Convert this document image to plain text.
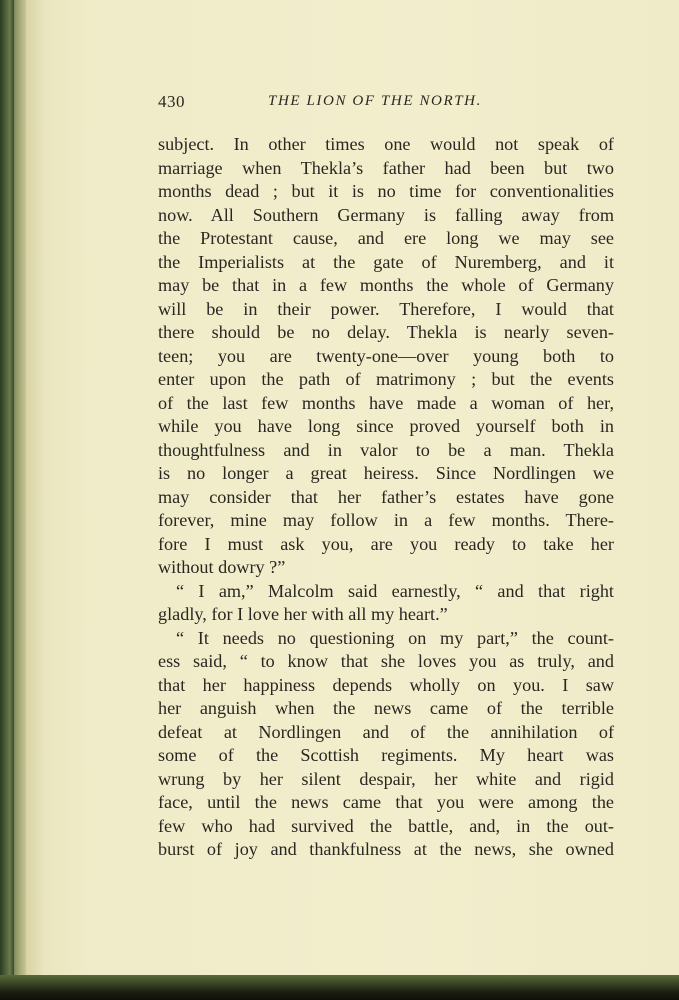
430	THE LION OF THE NORTH.
subject. In other times one would not speak of
marriage when Thekla’s father had been but two
months dead ; but it is no time for conventionalities
now. All Southern Germany is falling away from
the Protestant cause, and ere long we may see
the Imperialists at the gate of Nuremberg, and it
may be that in a few months the whole of Germany
will be in their power. Therefore, I would that
there should be no delay. Thekla is nearly seven-
teen; you are twenty-one—over young both to
enter upon the path of matrimony ; but the events
of the last few months have made a woman of her,
while you have long since proved yourself both in
thoughtfulness and in valor to be a man. Thekla
is no longer a great heiress. Since Nordlingen we
may consider that her father’s estates have gone
forever, mine may follow in a few months. There-
fore I must ask you, are you ready to take her
without dowry ?”
“ I am,” Malcolm said earnestly, “ and that right
gladly, for I love her with all my heart.”
“ It needs no questioning on my part,” the count-
ess said, “ to know that she loves you as truly, and
that her happiness depends wholly on you. I saw
her anguish when the news came of the terrible
defeat at Nordlingen and of the annihilation of
some of the Scottish regiments. My heart was
wrung by her silent despair, her white and rigid
face, until the news came that you were among the
few who had survived the battle, and, in the out-
burst of joy and thankfulness at the news, she owned
